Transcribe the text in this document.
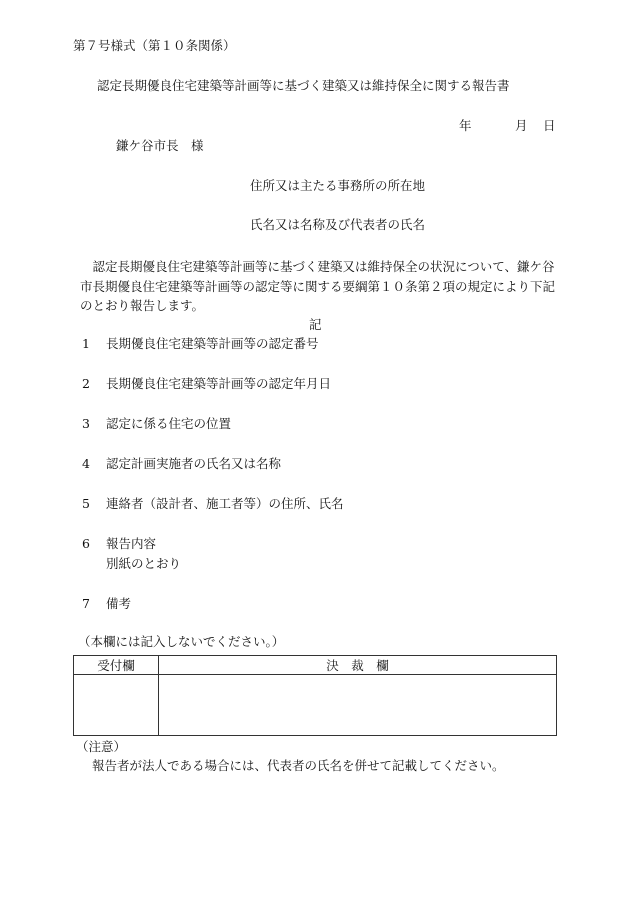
第７号様式（第１０条関係）
認定長期優良住宅建築等計画等に基づく建築又は維持保全に関する報告書
年	月 日
鎌ケ谷市長　様
住所又は主たる事務所の所在地
氏名又は名称及び代表者の氏名
　認定長期優良住宅建築等計画等に基づく建築又は維持保全の状況について、鎌ケ谷市長期優良住宅建築等計画等の認定等に関する要綱第１０条第２項の規定により下記のとおり報告します。
記
1 長期優良住宅建築等計画等の認定番号
2 長期優良住宅建築等計画等の認定年月日
3 認定に係る住宅の位置
4 認定計画実施者の氏名又は名称
5 連絡者（設計者、施工者等）の住所、氏名
6 報告内容
別紙のとおり
7 備考
（本欄には記入しないでください。）
受付欄	決　裁　欄

（注意）
報告者が法人である場合には、代表者の氏名を併せて記載してください。
